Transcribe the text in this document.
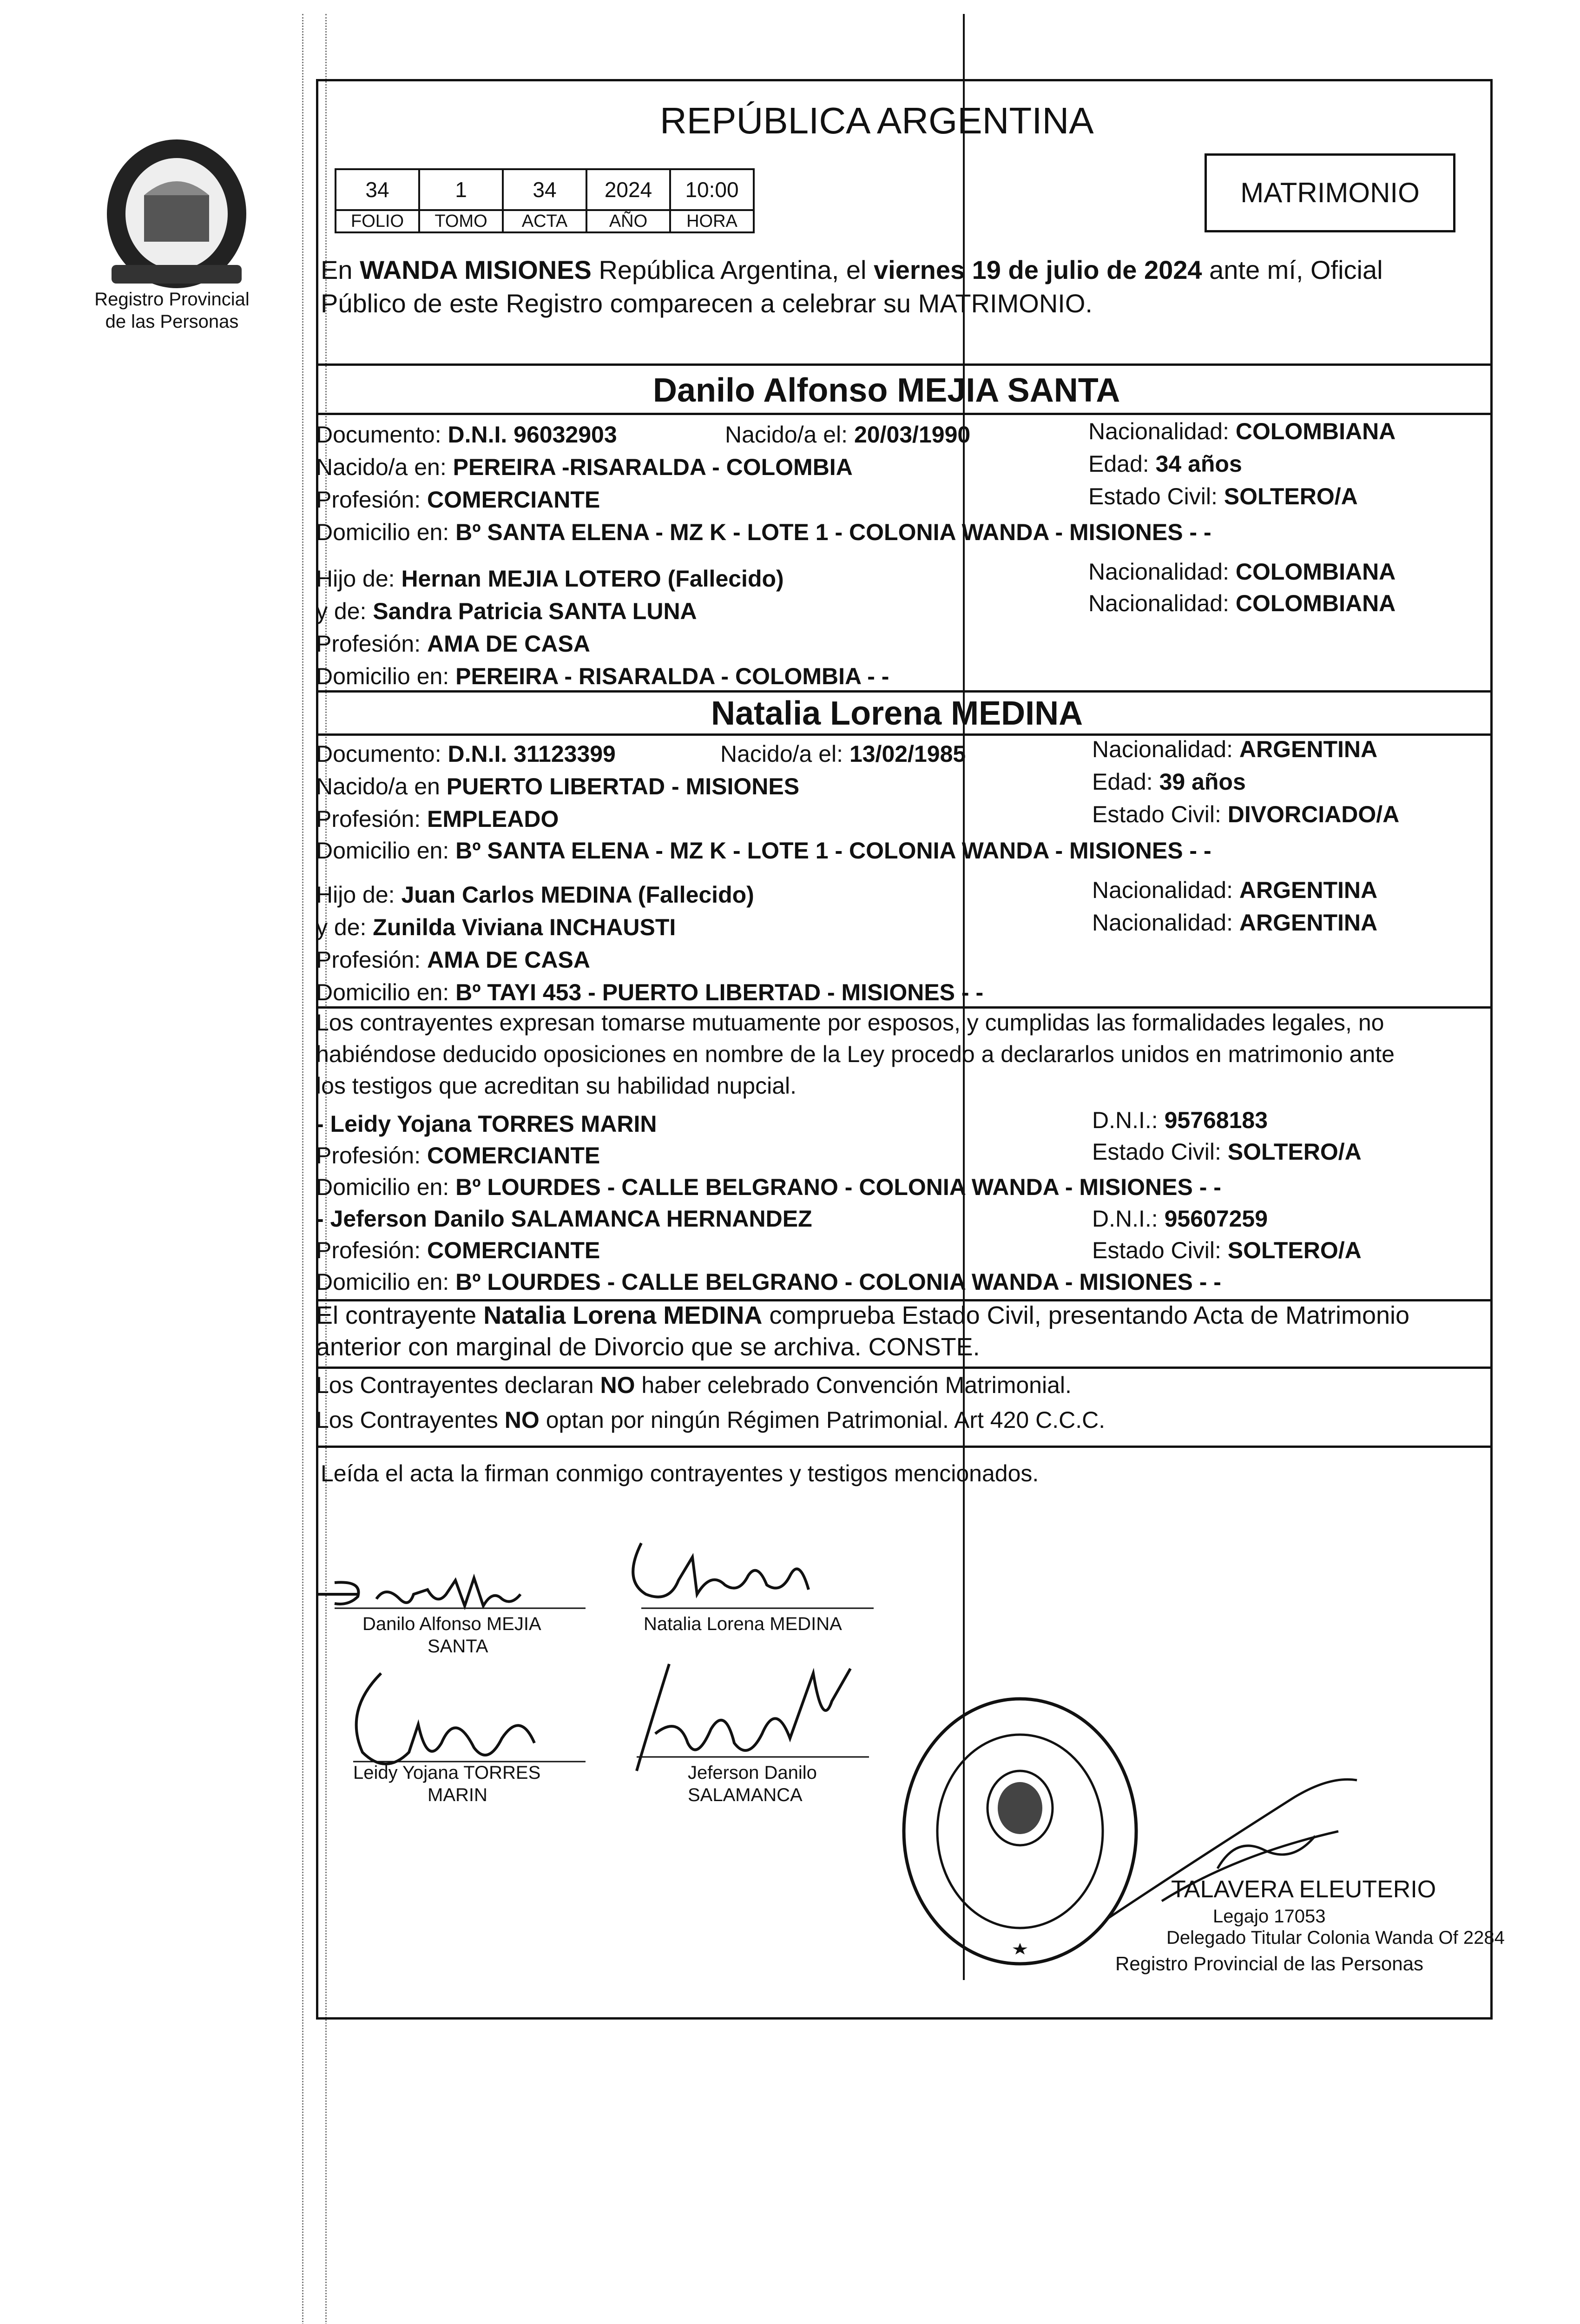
Registro Provincial
de las Personas
REPÚBLICA ARGENTINA
34	1	34	2024	10:00
FOLIO	TOMO	ACTA	AÑO	HORA
MATRIMONIO
En WANDA MISIONES República Argentina, el viernes 19 de julio de 2024 ante mí, Oficial
Público de este Registro comparecen a celebrar su MATRIMONIO.
Danilo Alfonso MEJIA SANTA
Documento: D.N.I. 96032903	Nacido/a el: 20/03/1990	Nacionalidad: COLOMBIANA
Nacido/a en: PEREIRA -RISARALDA - COLOMBIA	Edad: 34 años
Profesión: COMERCIANTE	Estado Civil: SOLTERO/A
Domicilio en: Bº SANTA ELENA - MZ K - LOTE 1 - COLONIA WANDA - MISIONES - -
Hijo de: Hernan MEJIA LOTERO (Fallecido)	Nacionalidad: COLOMBIANA
y de: Sandra Patricia SANTA LUNA	Nacionalidad: COLOMBIANA
Profesión: AMA DE CASA
Domicilio en: PEREIRA - RISARALDA - COLOMBIA - -
Natalia Lorena MEDINA
Documento: D.N.I. 31123399	Nacido/a el: 13/02/1985	Nacionalidad: ARGENTINA
Nacido/a en PUERTO LIBERTAD - MISIONES	Edad: 39 años
Profesión: EMPLEADO	Estado Civil: DIVORCIADO/A
Domicilio en: Bº SANTA ELENA - MZ K - LOTE 1 - COLONIA WANDA - MISIONES - -
Hijo de: Juan Carlos MEDINA (Fallecido)	Nacionalidad: ARGENTINA
y de: Zunilda Viviana INCHAUSTI	Nacionalidad: ARGENTINA
Profesión: AMA DE CASA
Domicilio en: Bº TAYI 453 - PUERTO LIBERTAD - MISIONES - -
Los contrayentes expresan tomarse mutuamente por esposos, y cumplidas las formalidades legales, no
habiéndose deducido oposiciones en nombre de la Ley procedo a declararlos unidos en matrimonio ante
los testigos que acreditan su habilidad nupcial.
- Leidy Yojana TORRES MARIN	D.N.I.: 95768183
Profesión: COMERCIANTE	Estado Civil: SOLTERO/A
Domicilio en: Bº LOURDES - CALLE BELGRANO - COLONIA WANDA - MISIONES - -
- Jeferson Danilo SALAMANCA HERNANDEZ	D.N.I.: 95607259
Profesión: COMERCIANTE	Estado Civil: SOLTERO/A
Domicilio en: Bº LOURDES - CALLE BELGRANO - COLONIA WANDA - MISIONES - -
El contrayente Natalia Lorena MEDINA comprueba Estado Civil, presentando Acta de Matrimonio
anterior con marginal de Divorcio que se archiva. CONSTE.
Los Contrayentes declaran NO haber celebrado Convención Matrimonial.
Los Contrayentes NO optan por ningún Régimen Patrimonial. Art 420 C.C.C.
Leída el acta la firman conmigo contrayentes y testigos mencionados.
Danilo Alfonso MEJIA
SANTA
Natalia Lorena MEDINA
Leidy Yojana TORRES
MARIN
Jeferson Danilo
SALAMANCA
TALAVERA ELEUTERIO
Legajo 17053
Delegado Titular Colonia Wanda Of 2284
Registro Provincial de las Personas
